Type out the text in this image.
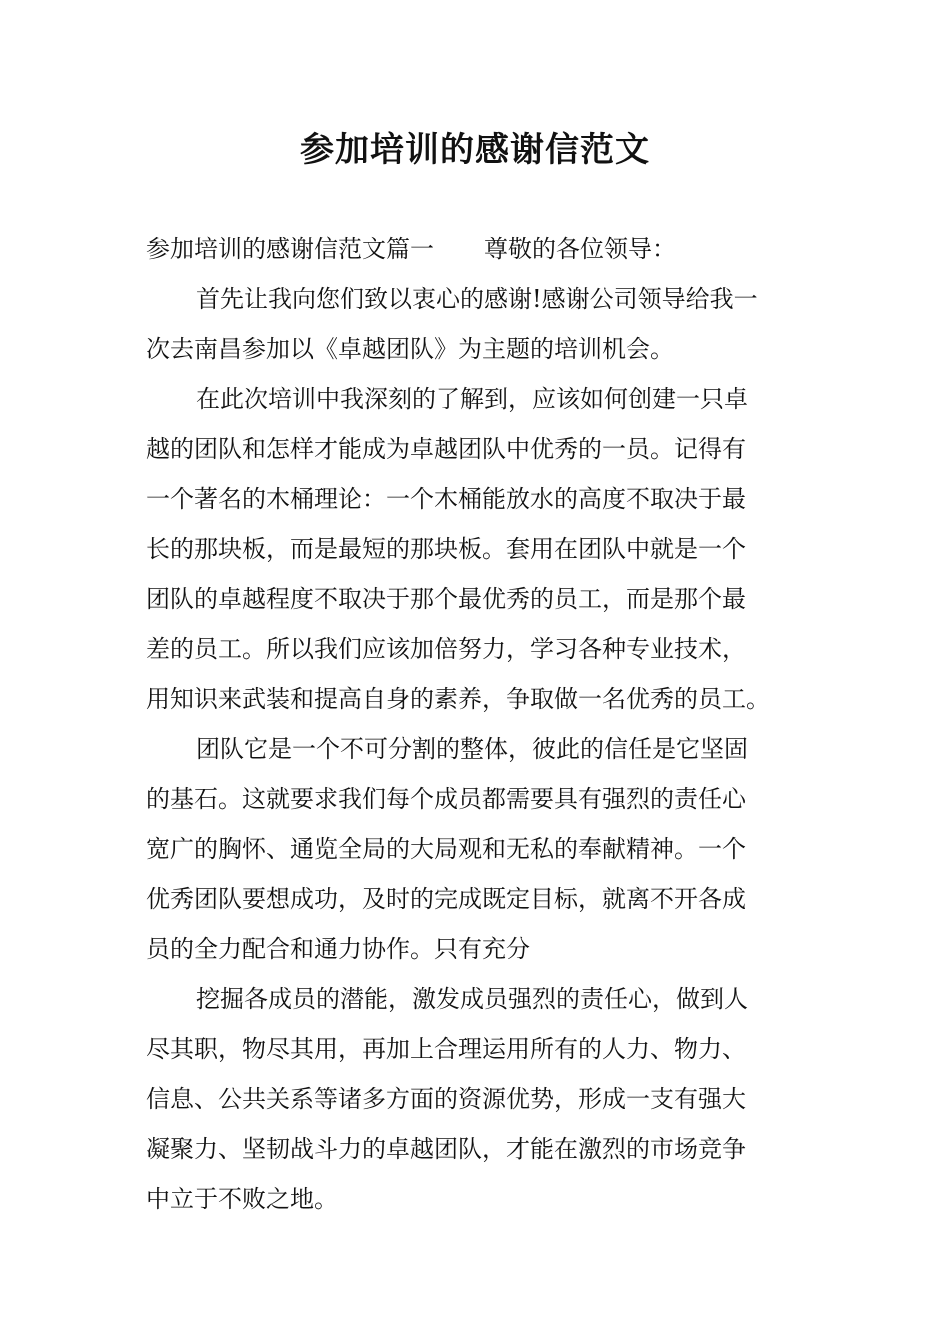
参加培训的感谢信范文
参加培训的感谢信范文篇一 尊敬的各位领导：
首先让我向您们致以衷心的感谢!感谢公司领导给我一
次去南昌参加以《卓越团队》为主题的培训机会。
在此次培训中我深刻的了解到，应该如何创建一只卓
越的团队和怎样才能成为卓越团队中优秀的一员。记得有
一个著名的木桶理论：一个木桶能放水的高度不取决于最
长的那块板，而是最短的那块板。套用在团队中就是一个
团队的卓越程度不取决于那个最优秀的员工，而是那个最
差的员工。所以我们应该加倍努力，学习各种专业技术，
用知识来武装和提高自身的素养，争取做一名优秀的员工。
团队它是一个不可分割的整体，彼此的信任是它坚固
的基石。这就要求我们每个成员都需要具有强烈的责任心
宽广的胸怀、通览全局的大局观和无私的奉献精神。一个
优秀团队要想成功，及时的完成既定目标，就离不开各成
员的全力配合和通力协作。只有充分
挖掘各成员的潜能，激发成员强烈的责任心，做到人
尽其职，物尽其用，再加上合理运用所有的人力、物力、
信息、公共关系等诸多方面的资源优势，形成一支有强大
凝聚力、坚韧战斗力的卓越团队，才能在激烈的市场竞争
中立于不败之地。
